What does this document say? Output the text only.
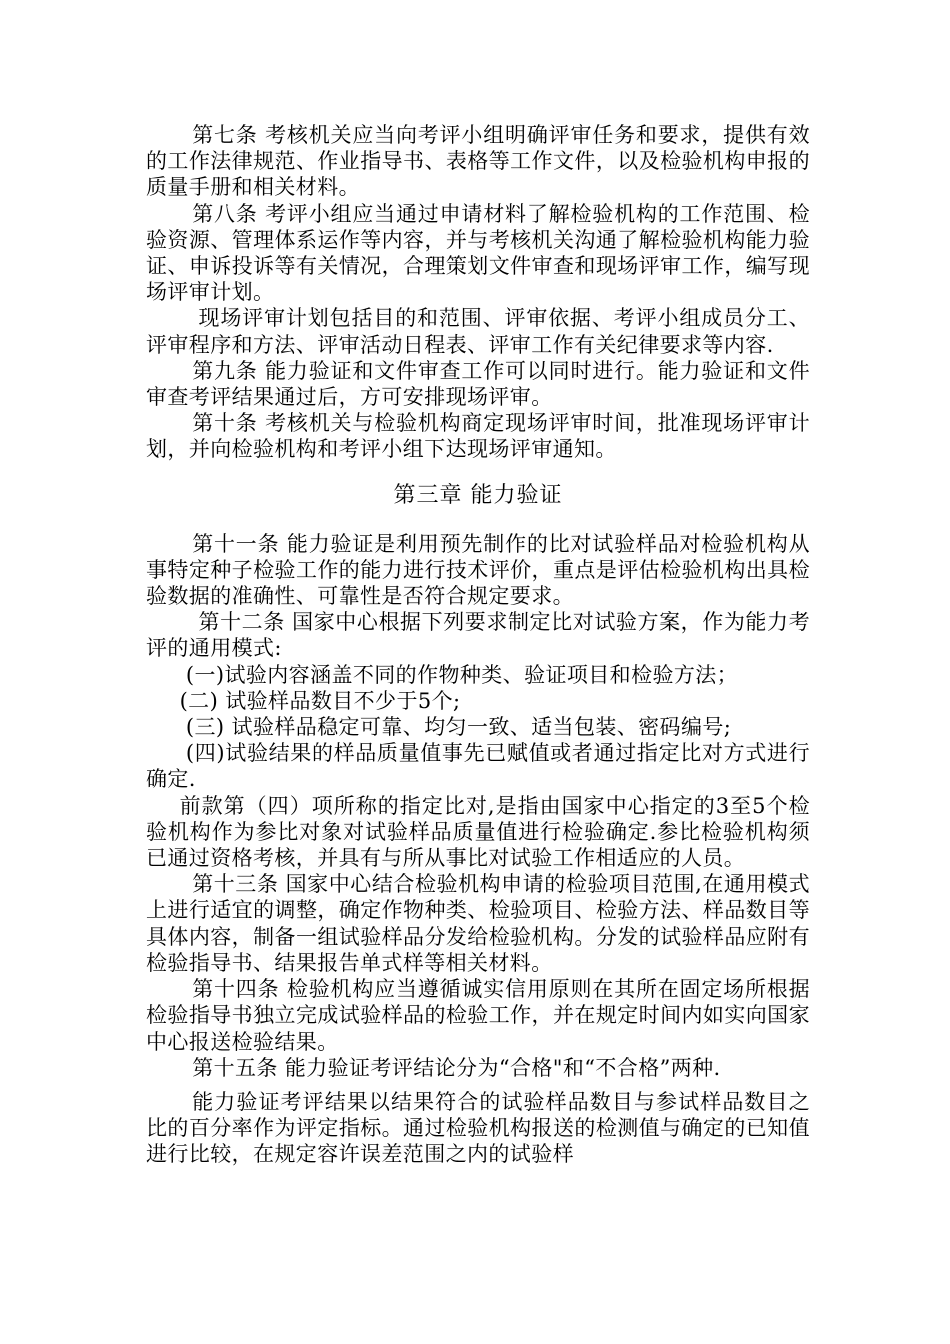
第七条 考核机关应当向考评小组明确评审任务和要求，提供有效的工作法律规范、作业指导书、表格等工作文件，以及检验机构申报的质量手册和相关材料。

第八条 考评小组应当通过申请材料了解检验机构的工作范围、检验资源、管理体系运作等内容，并与考核机关沟通了解检验机构能力验证、申诉投诉等有关情况，合理策划文件审查和现场评审工作，编写现场评审计划。

现场评审计划包括目的和范围、评审依据、考评小组成员分工、评审程序和方法、评审活动日程表、评审工作有关纪律要求等内容.

第九条 能力验证和文件审查工作可以同时进行。能力验证和文件审查考评结果通过后，方可安排现场评审。

第十条 考核机关与检验机构商定现场评审时间，批准现场评审计划，并向检验机构和考评小组下达现场评审通知。

第三章 能力验证

第十一条 能力验证是利用预先制作的比对试验样品对检验机构从事特定种子检验工作的能力进行技术评价，重点是评估检验机构出具检验数据的准确性、可靠性是否符合规定要求。

第十二条 国家中心根据下列要求制定比对试验方案，作为能力考评的通用模式:

(一)试验内容涵盖不同的作物种类、验证项目和检验方法；

(二) 试验样品数目不少于5个;

(三) 试验样品稳定可靠、均匀一致、适当包装、密码编号;

(四)试验结果的样品质量值事先已赋值或者通过指定比对方式进行确定.

前款第（四）项所称的指定比对,是指由国家中心指定的3至5个检验机构作为参比对象对试验样品质量值进行检验确定.参比检验机构须已通过资格考核，并具有与所从事比对试验工作相适应的人员。

第十三条 国家中心结合检验机构申请的检验项目范围,在通用模式上进行适宜的调整，确定作物种类、检验项目、检验方法、样品数目等具体内容，制备一组试验样品分发给检验机构。分发的试验样品应附有检验指导书、结果报告单式样等相关材料。

第十四条 检验机构应当遵循诚实信用原则在其所在固定场所根据检验指导书独立完成试验样品的检验工作，并在规定时间内如实向国家中心报送检验结果。

第十五条 能力验证考评结论分为“合格"和“不合格”两种.

能力验证考评结果以结果符合的试验样品数目与参试样品数目之比的百分率作为评定指标。通过检验机构报送的检测值与确定的已知值进行比较，在规定容许误差范围之内的试验样
